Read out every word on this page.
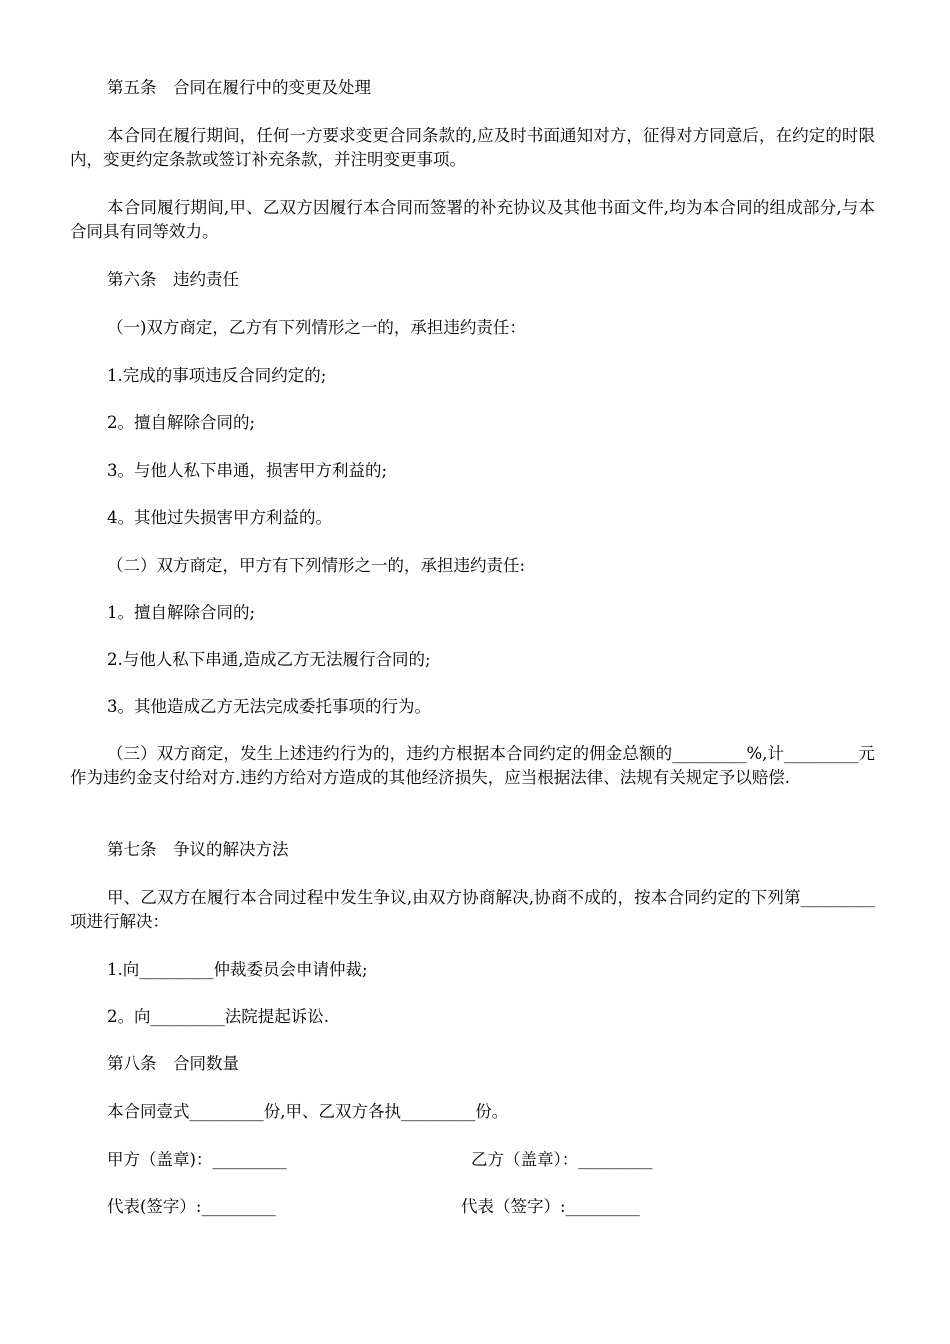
第五条　合同在履行中的变更及处理

本合同在履行期间，任何一方要求变更合同条款的,应及时书面通知对方，征得对方同意后，在约定的时限内，变更约定条款或签订补充条款，并注明变更事项。

本合同履行期间,甲、乙双方因履行本合同而签署的补充协议及其他书面文件,均为本合同的组成部分,与本合同具有同等效力。

第六条　违约责任

（一)双方商定，乙方有下列情形之一的，承担违约责任：

1.完成的事项违反合同约定的;

2。擅自解除合同的;

3。与他人私下串通，损害甲方利益的;

4。其他过失损害甲方利益的。

（二）双方商定，甲方有下列情形之一的，承担违约责任:

1。擅自解除合同的;

2.与他人私下串通,造成乙方无法履行合同的;

3。其他造成乙方无法完成委托事项的行为。

（三）双方商定，发生上述违约行为的，违约方根据本合同约定的佣金总额的_________%,计_________元作为违约金支付给对方.违约方给对方造成的其他经济损失，应当根据法律、法规有关规定予以赔偿.

第七条　争议的解决方法

甲、乙双方在履行本合同过程中发生争议,由双方协商解决,协商不成的，按本合同约定的下列第_________项进行解决：

1.向_________仲裁委员会申请仲裁;

2。向_________法院提起诉讼.

第八条　合同数量

本合同壹式_________份,甲、乙双方各执_________份。

甲方（盖章)：_________	乙方（盖章）：_________

代表(签字）:_________	代表（签字）:_________
